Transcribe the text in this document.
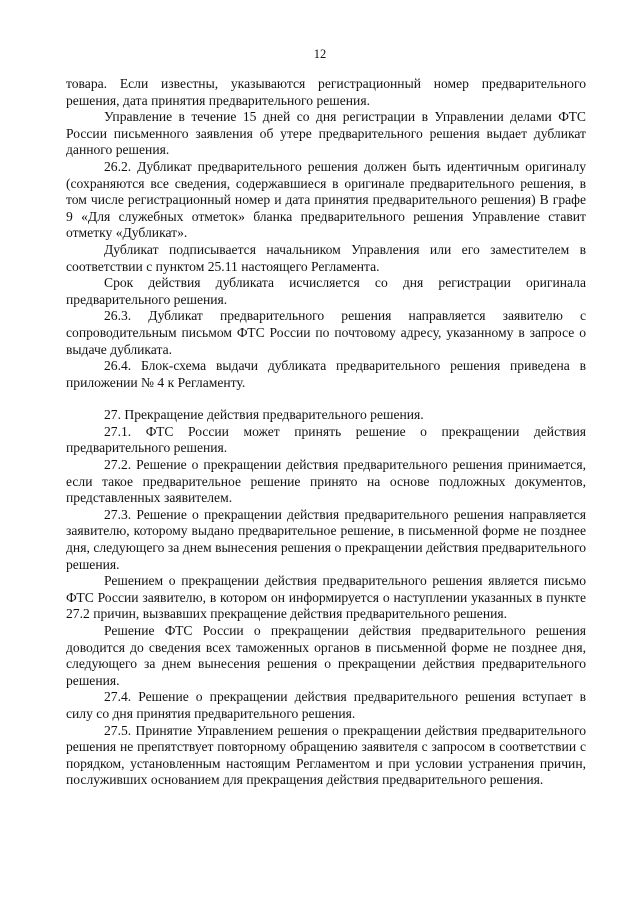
12

товара. Если известны, указываются регистрационный номер предварительного решения, дата принятия предварительного решения.

Управление в течение 15 дней со дня регистрации в Управлении делами ФТС России письменного заявления об утере предварительного решения выдает дубликат данного решения.

26.2. Дубликат предварительного решения должен быть идентичным оригиналу (сохраняются все сведения, содержавшиеся в оригинале предварительного решения, в том числе регистрационный номер и дата принятия предварительного решения) В графе 9 «Для служебных отметок» бланка предварительного решения Управление ставит отметку «Дубликат».

Дубликат подписывается начальником Управления или его заместителем в соответствии с пунктом 25.11 настоящего Регламента.

Срок действия дубликата исчисляется со дня регистрации оригинала предварительного решения.

26.3. Дубликат предварительного решения направляется заявителю с сопроводительным письмом ФТС России по почтовому адресу, указанному в запросе о выдаче дубликата.

26.4. Блок-схема выдачи дубликата предварительного решения приведена в приложении № 4 к Регламенту.

27. Прекращение действия предварительного решения.

27.1. ФТС России может принять решение о прекращении действия предварительного решения.

27.2. Решение о прекращении действия предварительного решения принимается, если такое предварительное решение принято на основе подложных документов, представленных заявителем.

27.3. Решение о прекращении действия предварительного решения направляется заявителю, которому выдано предварительное решение, в письменной форме не позднее дня, следующего за днем вынесения решения о прекращении действия предварительного решения.

Решением о прекращении действия предварительного решения является письмо ФТС России заявителю, в котором он информируется о наступлении указанных в пункте 27.2 причин, вызвавших прекращение действия предварительного решения.

Решение ФТС России о прекращении действия предварительного решения доводится до сведения всех таможенных органов в письменной форме не позднее дня, следующего за днем вынесения решения о прекращении действия предварительного решения.

27.4. Решение о прекращении действия предварительного решения вступает в силу со дня принятия предварительного решения.

27.5. Принятие Управлением решения о прекращении действия предварительного решения не препятствует повторному обращению заявителя с запросом в соответствии с порядком, установленным настоящим Регламентом и при условии устранения причин, послуживших основанием для прекращения действия предварительного решения.
